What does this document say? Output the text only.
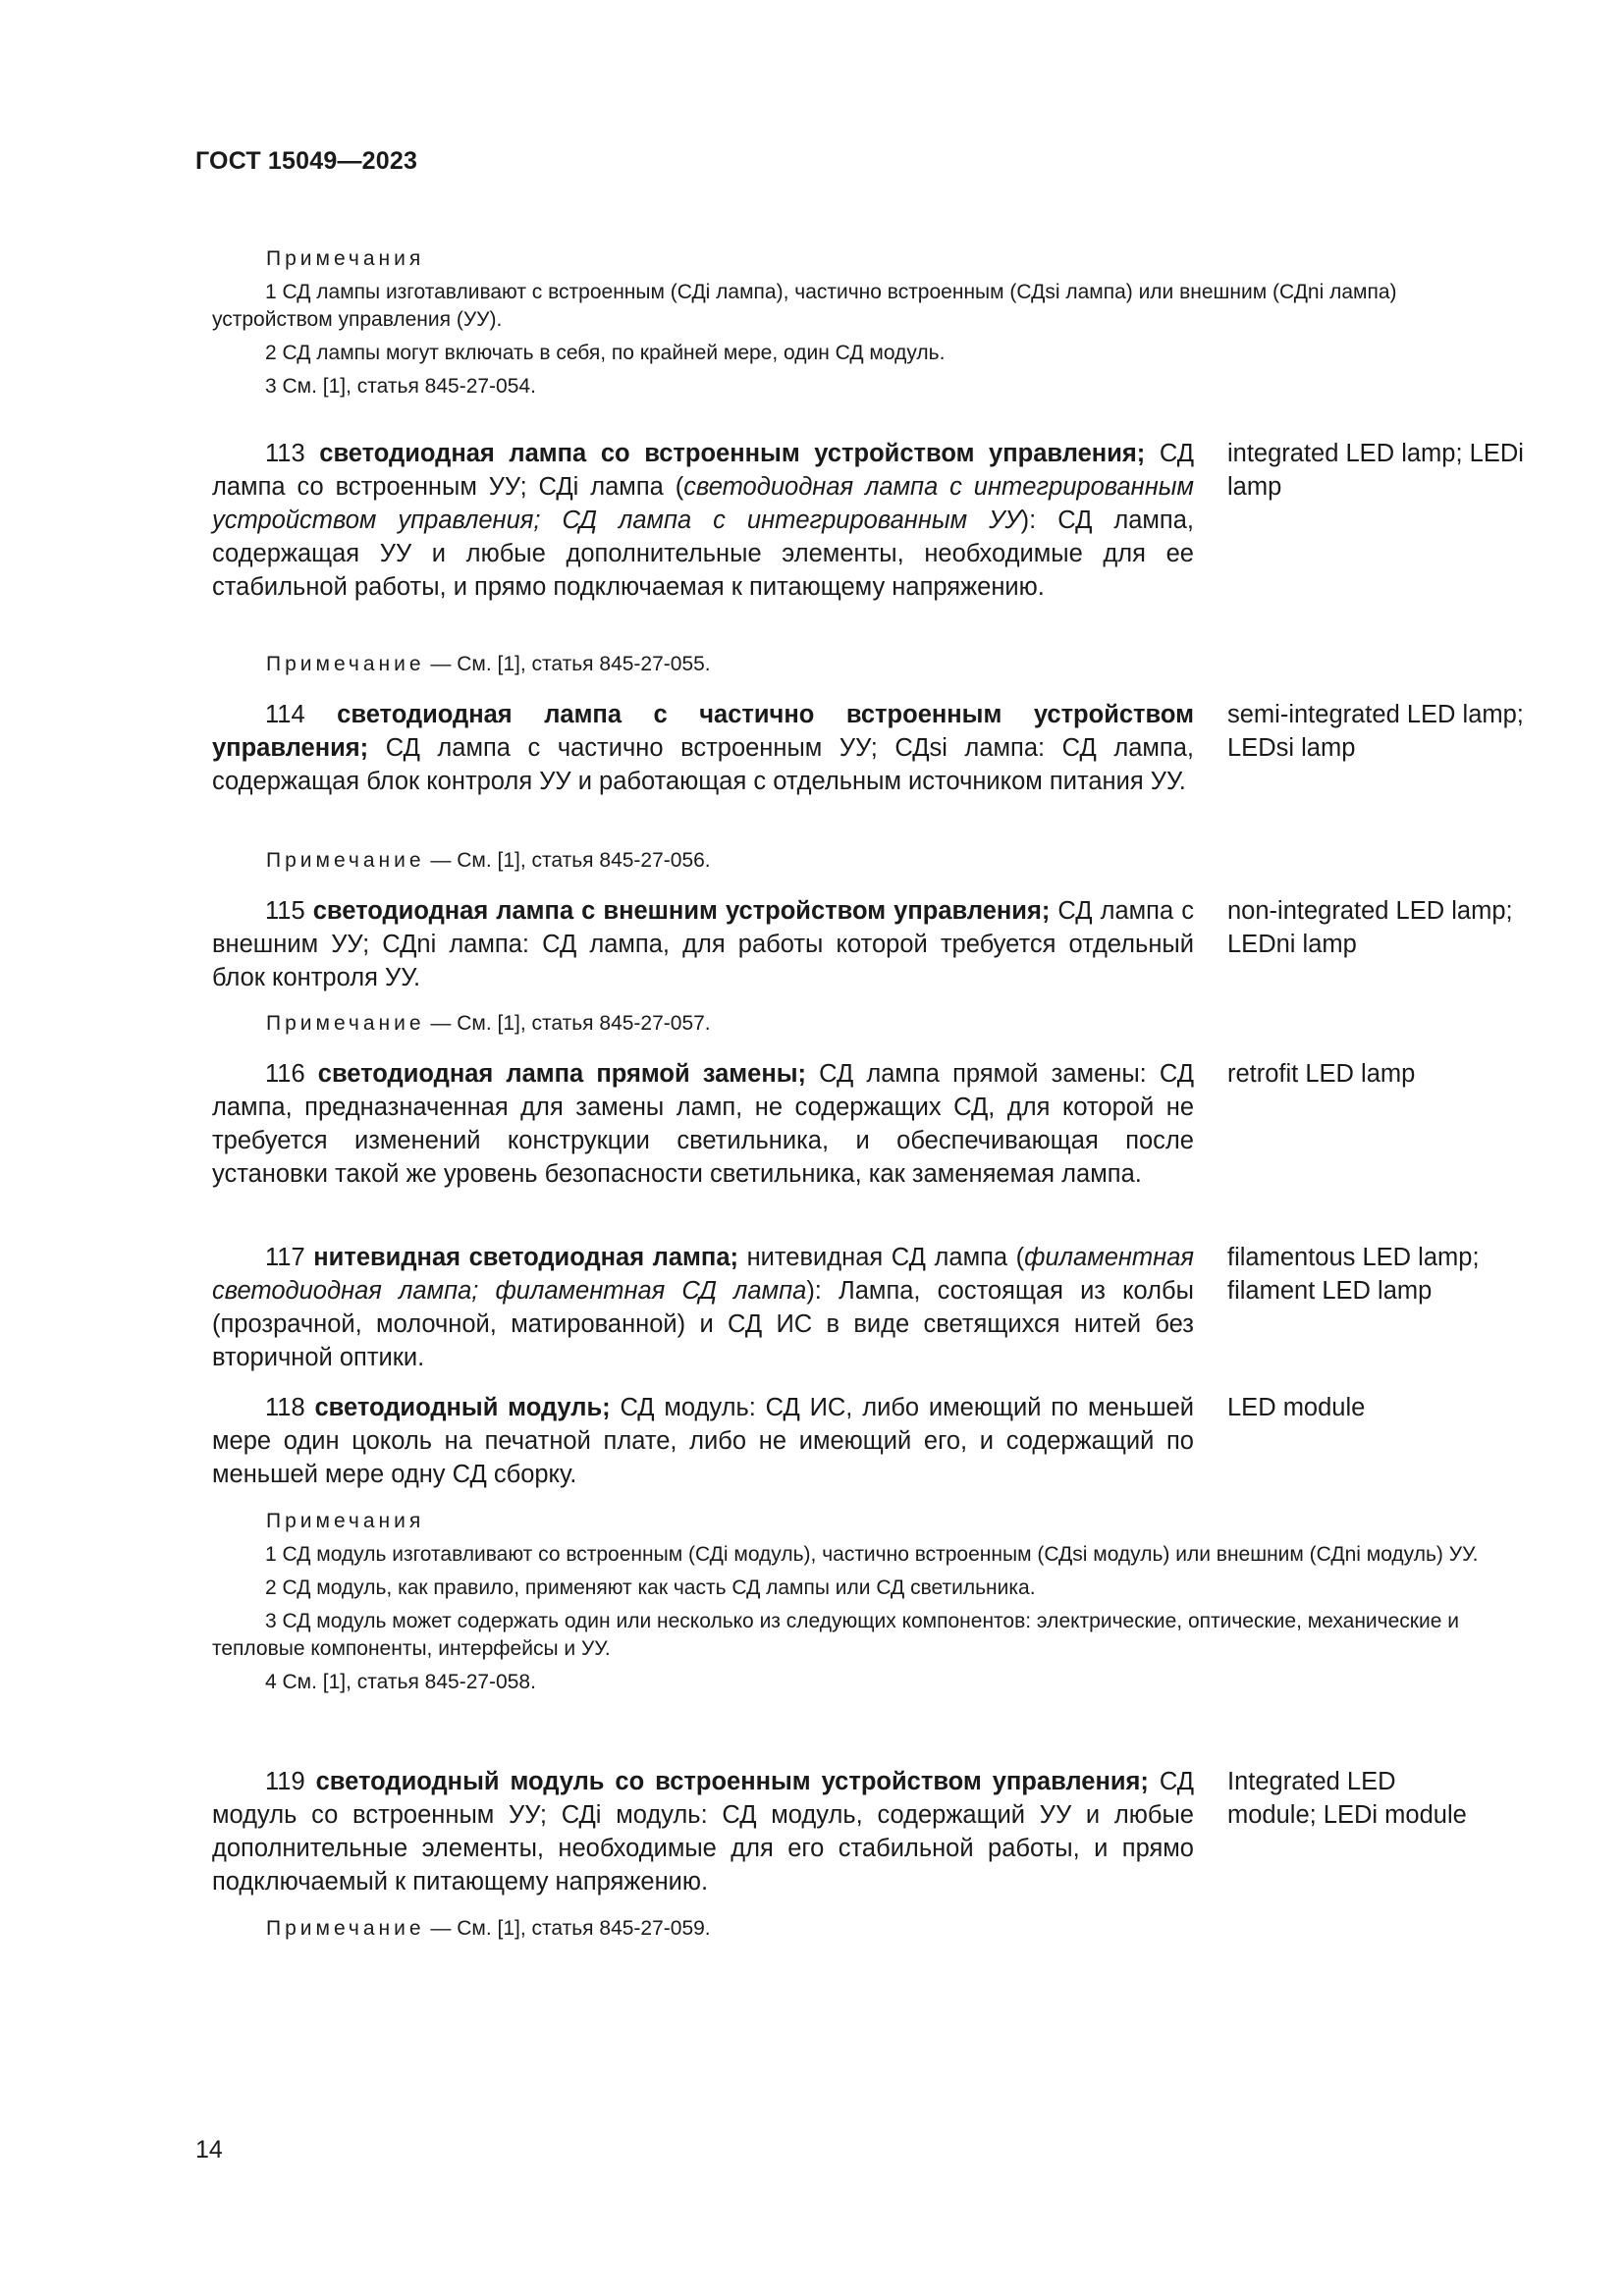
ГОСТ 15049—2023
Примечания
1 СД лампы изготавливают с встроенным (СДi лампа), частично встроенным (СДsi лампа) или внешним (СДni лампа) устройством управления (УУ).
2 СД лампы могут включать в себя, по крайней мере, один СД модуль.
3 См. [1], статья 845-27-054.
113 светодиодная лампа со встроенным устройством управления; СД лампа со встроенным УУ; СДi лампа (светодиодная лампа с интегрированным устройством управления; СД лампа с интегрированным УУ): СД лампа, содержащая УУ и любые дополнительные элементы, необходимые для ее стабильной работы, и прямо подключаемая к питающему напряжению.
integrated LED lamp; LEDi lamp
Примечание — См. [1], статья 845-27-055.
114 светодиодная лампа с частично встроенным устройством управления; СД лампа с частично встроенным УУ; СДsi лампа: СД лампа, содержащая блок контроля УУ и работающая с отдельным источником питания УУ.
semi-integrated LED lamp;
LEDsi lamp
Примечание — См. [1], статья 845-27-056.
115 светодиодная лампа с внешним устройством управления; СД лампа с внешним УУ; СДni лампа: СД лампа, для работы которой требуется отдельный блок контроля УУ.
non-integrated LED lamp;
LEDni lamp
Примечание — См. [1], статья 845-27-057.
116 светодиодная лампа прямой замены; СД лампа прямой замены: СД лампа, предназначенная для замены ламп, не содержащих СД, для которой не требуется изменений конструкции светильника, и обеспечивающая после установки такой же уровень безопасности светильника, как заменяемая лампа.
retrofit LED lamp
117 нитевидная светодиодная лампа; нитевидная СД лампа (филаментная светодиодная лампа; филаментная СД лампа): Лампа, состоящая из колбы (прозрачной, молочной, матированной) и СД ИС в виде светящихся нитей без вторичной оптики.
filamentous LED lamp;
filament LED lamp
118 светодиодный модуль; СД модуль: СД ИС, либо имеющий по меньшей мере один цоколь на печатной плате, либо не имеющий его, и содержащий по меньшей мере одну СД сборку.
LED module
Примечания
1 СД модуль изготавливают со встроенным (СДi модуль), частично встроенным (СДsi модуль) или внешним (СДni модуль) УУ.
2 СД модуль, как правило, применяют как часть СД лампы или СД светильника.
3 СД модуль может содержать один или несколько из следующих компонентов: электрические, оптические, механические и тепловые компоненты, интерфейсы и УУ.
4 См. [1], статья 845-27-058.
119 светодиодный модуль со встроенным устройством управления; СД модуль со встроенным УУ; СДi модуль: СД модуль, содержащий УУ и любые дополнительные элементы, необходимые для его стабильной работы, и прямо подключаемый к питающему напряжению.
Integrated LED
module; LEDi module
Примечание — См. [1], статья 845-27-059.
14
